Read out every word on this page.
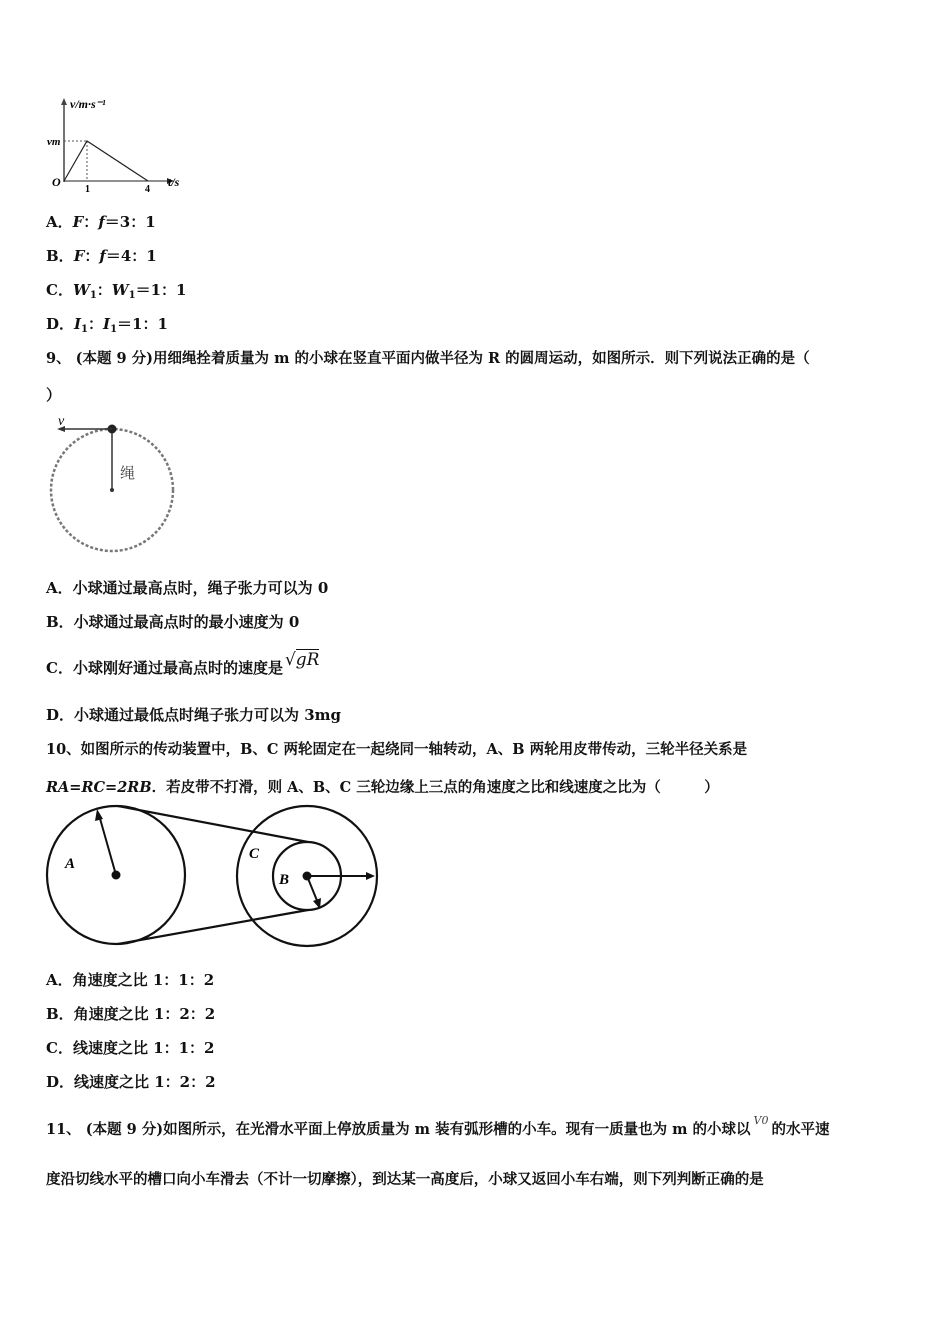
v/m·s⁻¹
vm
O
1	4
t/s
A．F：f＝3：1
B．F：f＝4：1
C．$W_1$：$W_1=1$：1
D．$I_1$：$I_1=1$：1
9、 (本题 9 分)用细绳拴着质量为 m 的小球在竖直平面内做半径为 R 的圆周运动，如图所示．则下列说法正确的是（
）
v
绳
A．小球通过最高点时，绳子张力可以为 0
B．小球通过最高点时的最小速度为 0
C．小球刚好通过最高点时的速度是 √gR
D．小球通过最低点时绳子张力可以为 3mg
10、如图所示的传动装置中，B、C 两轮固定在一起绕同一轴转动，A、B 两轮用皮带传动，三轮半径关系是
RA=RC=2RB．若皮带不打滑，则 A、B、C 三轮边缘上三点的角速度之比和线速度之比为（　　　）
A
C
B
A．角速度之比 1：1：2
B．角速度之比 1：2：2
C．线速度之比 1：1：2
D．线速度之比 1：2：2
11、 (本题 9 分)如图所示，在光滑水平面上停放质量为 m 装有弧形槽的小车。现有一质量也为 m 的小球以$^{V0}$的水平速
度沿切线水平的槽口向小车滑去（不计一切摩擦），到达某一高度后，小球又返回小车右端，则下列判断正确的是
